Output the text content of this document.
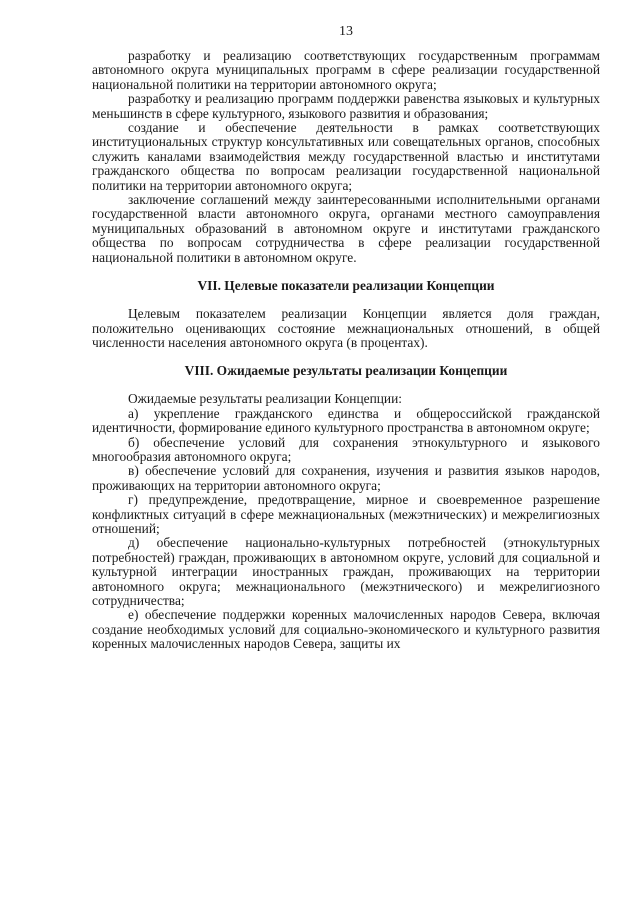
13

разработку и реализацию соответствующих государственным программам автономного округа муниципальных программ в сфере реализации государственной национальной политики на территории автономного округа;

разработку и реализацию программ поддержки равенства языковых и культурных меньшинств в сфере культурного, языкового развития и образования;

создание и обеспечение деятельности в рамках соответствующих институциональных структур консультативных или совещательных органов, способных служить каналами взаимодействия между государственной властью и институтами гражданского общества по вопросам реализации государственной национальной политики на территории автономного округа;

заключение соглашений между заинтересованными исполнительными органами государственной власти автономного округа, органами местного самоуправления муниципальных образований в автономном округе и институтами гражданского общества по вопросам сотрудничества в сфере реализации государственной национальной политики в автономном округе.

VII. Целевые показатели реализации Концепции

Целевым показателем реализации Концепции является доля граждан, положительно оценивающих состояние межнациональных отношений, в общей численности населения автономного округа (в процентах).

VIII. Ожидаемые результаты реализации Концепции

Ожидаемые результаты реализации Концепции:

а) укрепление гражданского единства и общероссийской гражданской идентичности, формирование единого культурного пространства в автономном округе;

б) обеспечение условий для сохранения этнокультурного и языкового многообразия автономного округа;

в) обеспечение условий для сохранения, изучения и развития языков народов, проживающих на территории автономного округа;

г) предупреждение, предотвращение, мирное и своевременное разрешение конфликтных ситуаций в сфере межнациональных (межэтнических) и межрелигиозных отношений;

д) обеспечение национально-культурных потребностей (этнокультурных потребностей) граждан, проживающих в автономном округе, условий для социальной и культурной интеграции иностранных граждан, проживающих на территории автономного округа; межнационального (межэтнического) и межрелигиозного сотрудничества;

е) обеспечение поддержки коренных малочисленных народов Севера, включая создание необходимых условий для социально-экономического и культурного развития коренных малочисленных народов Севера, защиты их
